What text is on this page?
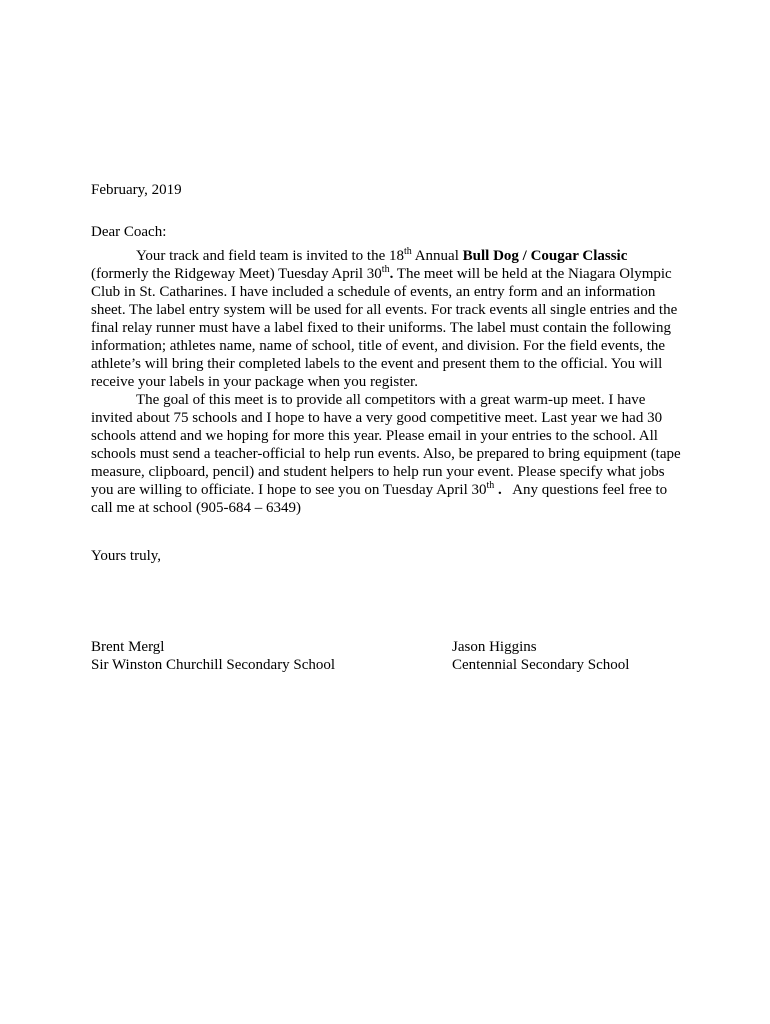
February, 2019

Dear Coach:

Your track and field team is invited to the 18th Annual Bull Dog / Cougar Classic (formerly the Ridgeway Meet) Tuesday April 30th. The meet will be held at the Niagara Olympic Club in St. Catharines. I have included a schedule of events, an entry form and an information sheet. The label entry system will be used for all events. For track events all single entries and the final relay runner must have a label fixed to their uniforms. The label must contain the following information; athletes name, name of school, title of event, and division. For the field events, the athlete’s will bring their completed labels to the event and present them to the official. You will receive your labels in your package when you register.

The goal of this meet is to provide all competitors with a great warm-up meet. I have invited about 75 schools and I hope to have a very good competitive meet. Last year we had 30 schools attend and we hoping for more this year. Please email in your entries to the school. All schools must send a teacher-official to help run events. Also, be prepared to bring equipment (tape measure, clipboard, pencil) and student helpers to help run your event. Please specify what jobs you are willing to officiate. I hope to see you on Tuesday April 30th .   Any questions feel free to call me at school (905-684 – 6349)

Yours truly,

Brent Mergl
Sir Winston Churchill Secondary School
Jason Higgins
Centennial Secondary School
